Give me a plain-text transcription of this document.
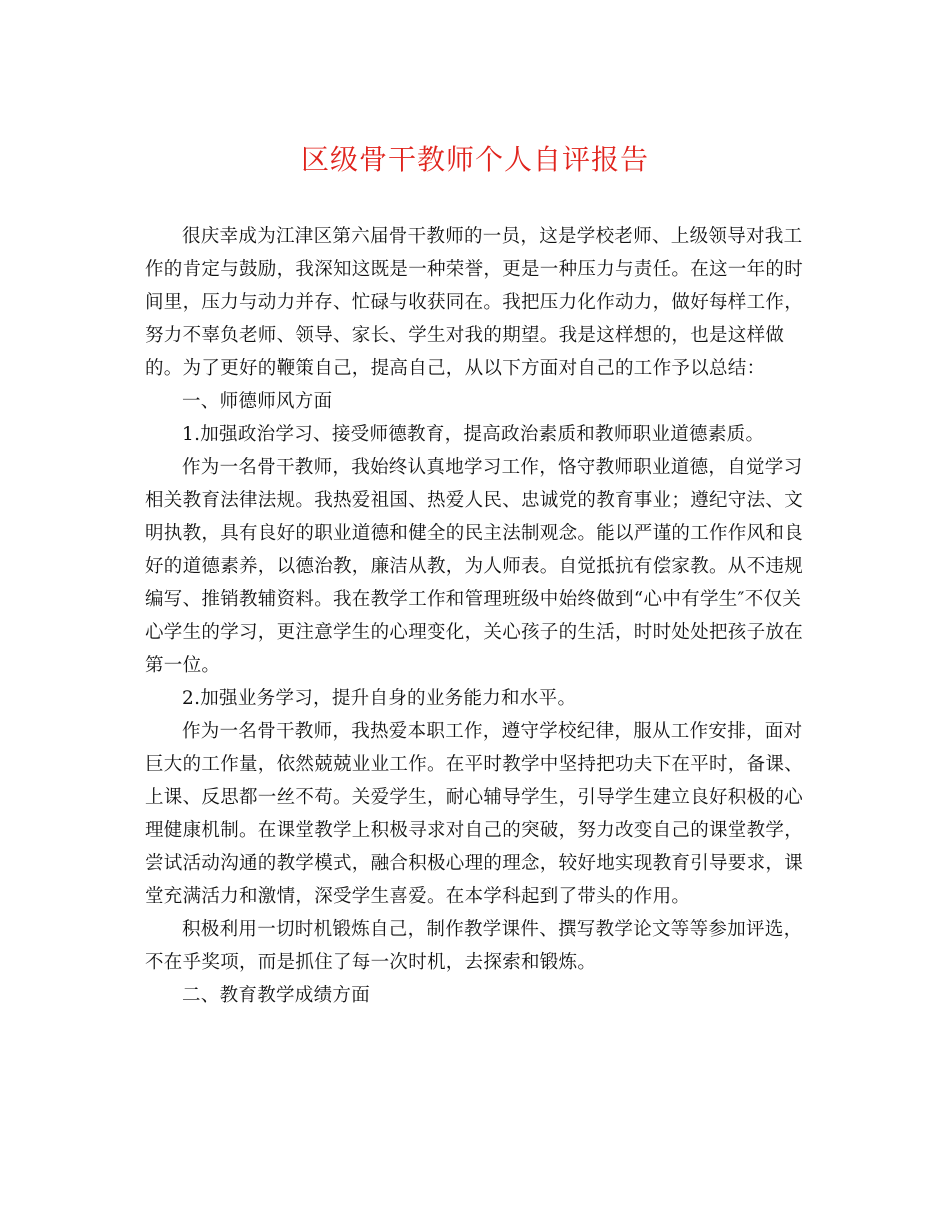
区级骨干教师个人自评报告

很庆幸成为江津区第六届骨干教师的一员，这是学校老师、上级领导对我工作的肯定与鼓励，我深知这既是一种荣誉，更是一种压力与责任。在这一年的时间里，压力与动力并存、忙碌与收获同在。我把压力化作动力，做好每样工作，努力不辜负老师、领导、家长、学生对我的期望。我是这样想的，也是这样做的。为了更好的鞭策自己，提高自己，从以下方面对自己的工作予以总结：

一、师德师风方面

1.加强政治学习、接受师德教育，提高政治素质和教师职业道德素质。

作为一名骨干教师，我始终认真地学习工作，恪守教师职业道德，自觉学习相关教育法律法规。我热爱祖国、热爱人民、忠诚党的教育事业；遵纪守法、文明执教，具有良好的职业道德和健全的民主法制观念。能以严谨的工作作风和良好的道德素养，以德治教，廉洁从教，为人师表。自觉抵抗有偿家教。从不违规编写、推销教辅资料。我在教学工作和管理班级中始终做到“心中有学生″不仅关心学生的学习，更注意学生的心理变化，关心孩子的生活，时时处处把孩子放在第一位。

2.加强业务学习，提升自身的业务能力和水平。

作为一名骨干教师，我热爱本职工作，遵守学校纪律，服从工作安排，面对巨大的工作量，依然兢兢业业工作。在平时教学中坚持把功夫下在平时，备课、上课、反思都一丝不苟。关爱学生，耐心辅导学生，引导学生建立良好积极的心理健康机制。在课堂教学上积极寻求对自己的突破，努力改变自己的课堂教学，尝试活动沟通的教学模式，融合积极心理的理念，较好地实现教育引导要求，课堂充满活力和激情，深受学生喜爱。在本学科起到了带头的作用。

积极利用一切时机锻炼自己，制作教学课件、撰写教学论文等等参加评选，不在乎奖项，而是抓住了每一次时机，去探索和锻炼。

二、教育教学成绩方面
